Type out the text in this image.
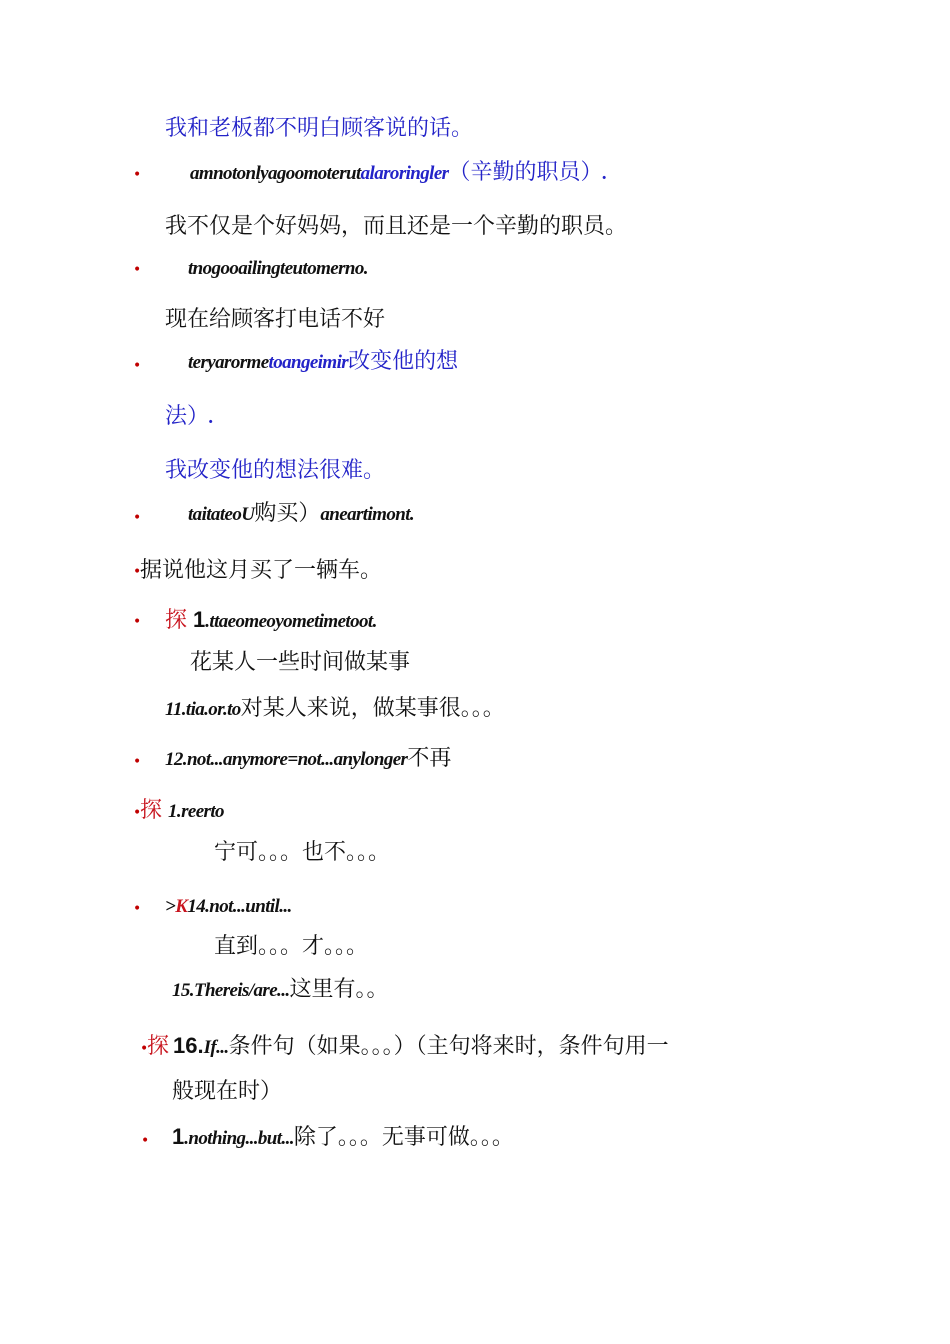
我和老板都不明白顾客说的话。
•	amnotonlyagoomoterutalaroringler（辛勤的职员）.
我不仅是个好妈妈，而且还是一个辛勤的职员。
• tnogooailingteutomerno.
现在给顾客打电话不好
• teryarormetoangeimir改变他的想
法）.
我改变他的想法很难。
• taitateoU购买）aneartimont.
•
据说他这月买了一辆车。
• 探 1.ttaeomeoyometimetoot.
花某人一些时间做某事
11.tia.or.to对某人来说，做某事很。。。
• 12.not...anymore=not...anylonger不再
•
探 1.reerto
宁可。。。也不。。。
• >K14.not...until...
直到。。。才。。。
15.Thereis/are...这里有。。
•
探 16.If...条件句（如果。。。）（主句将来时，条件句用一
般现在时）
• 1.nothing...but...除了。。。无事可做。。。
